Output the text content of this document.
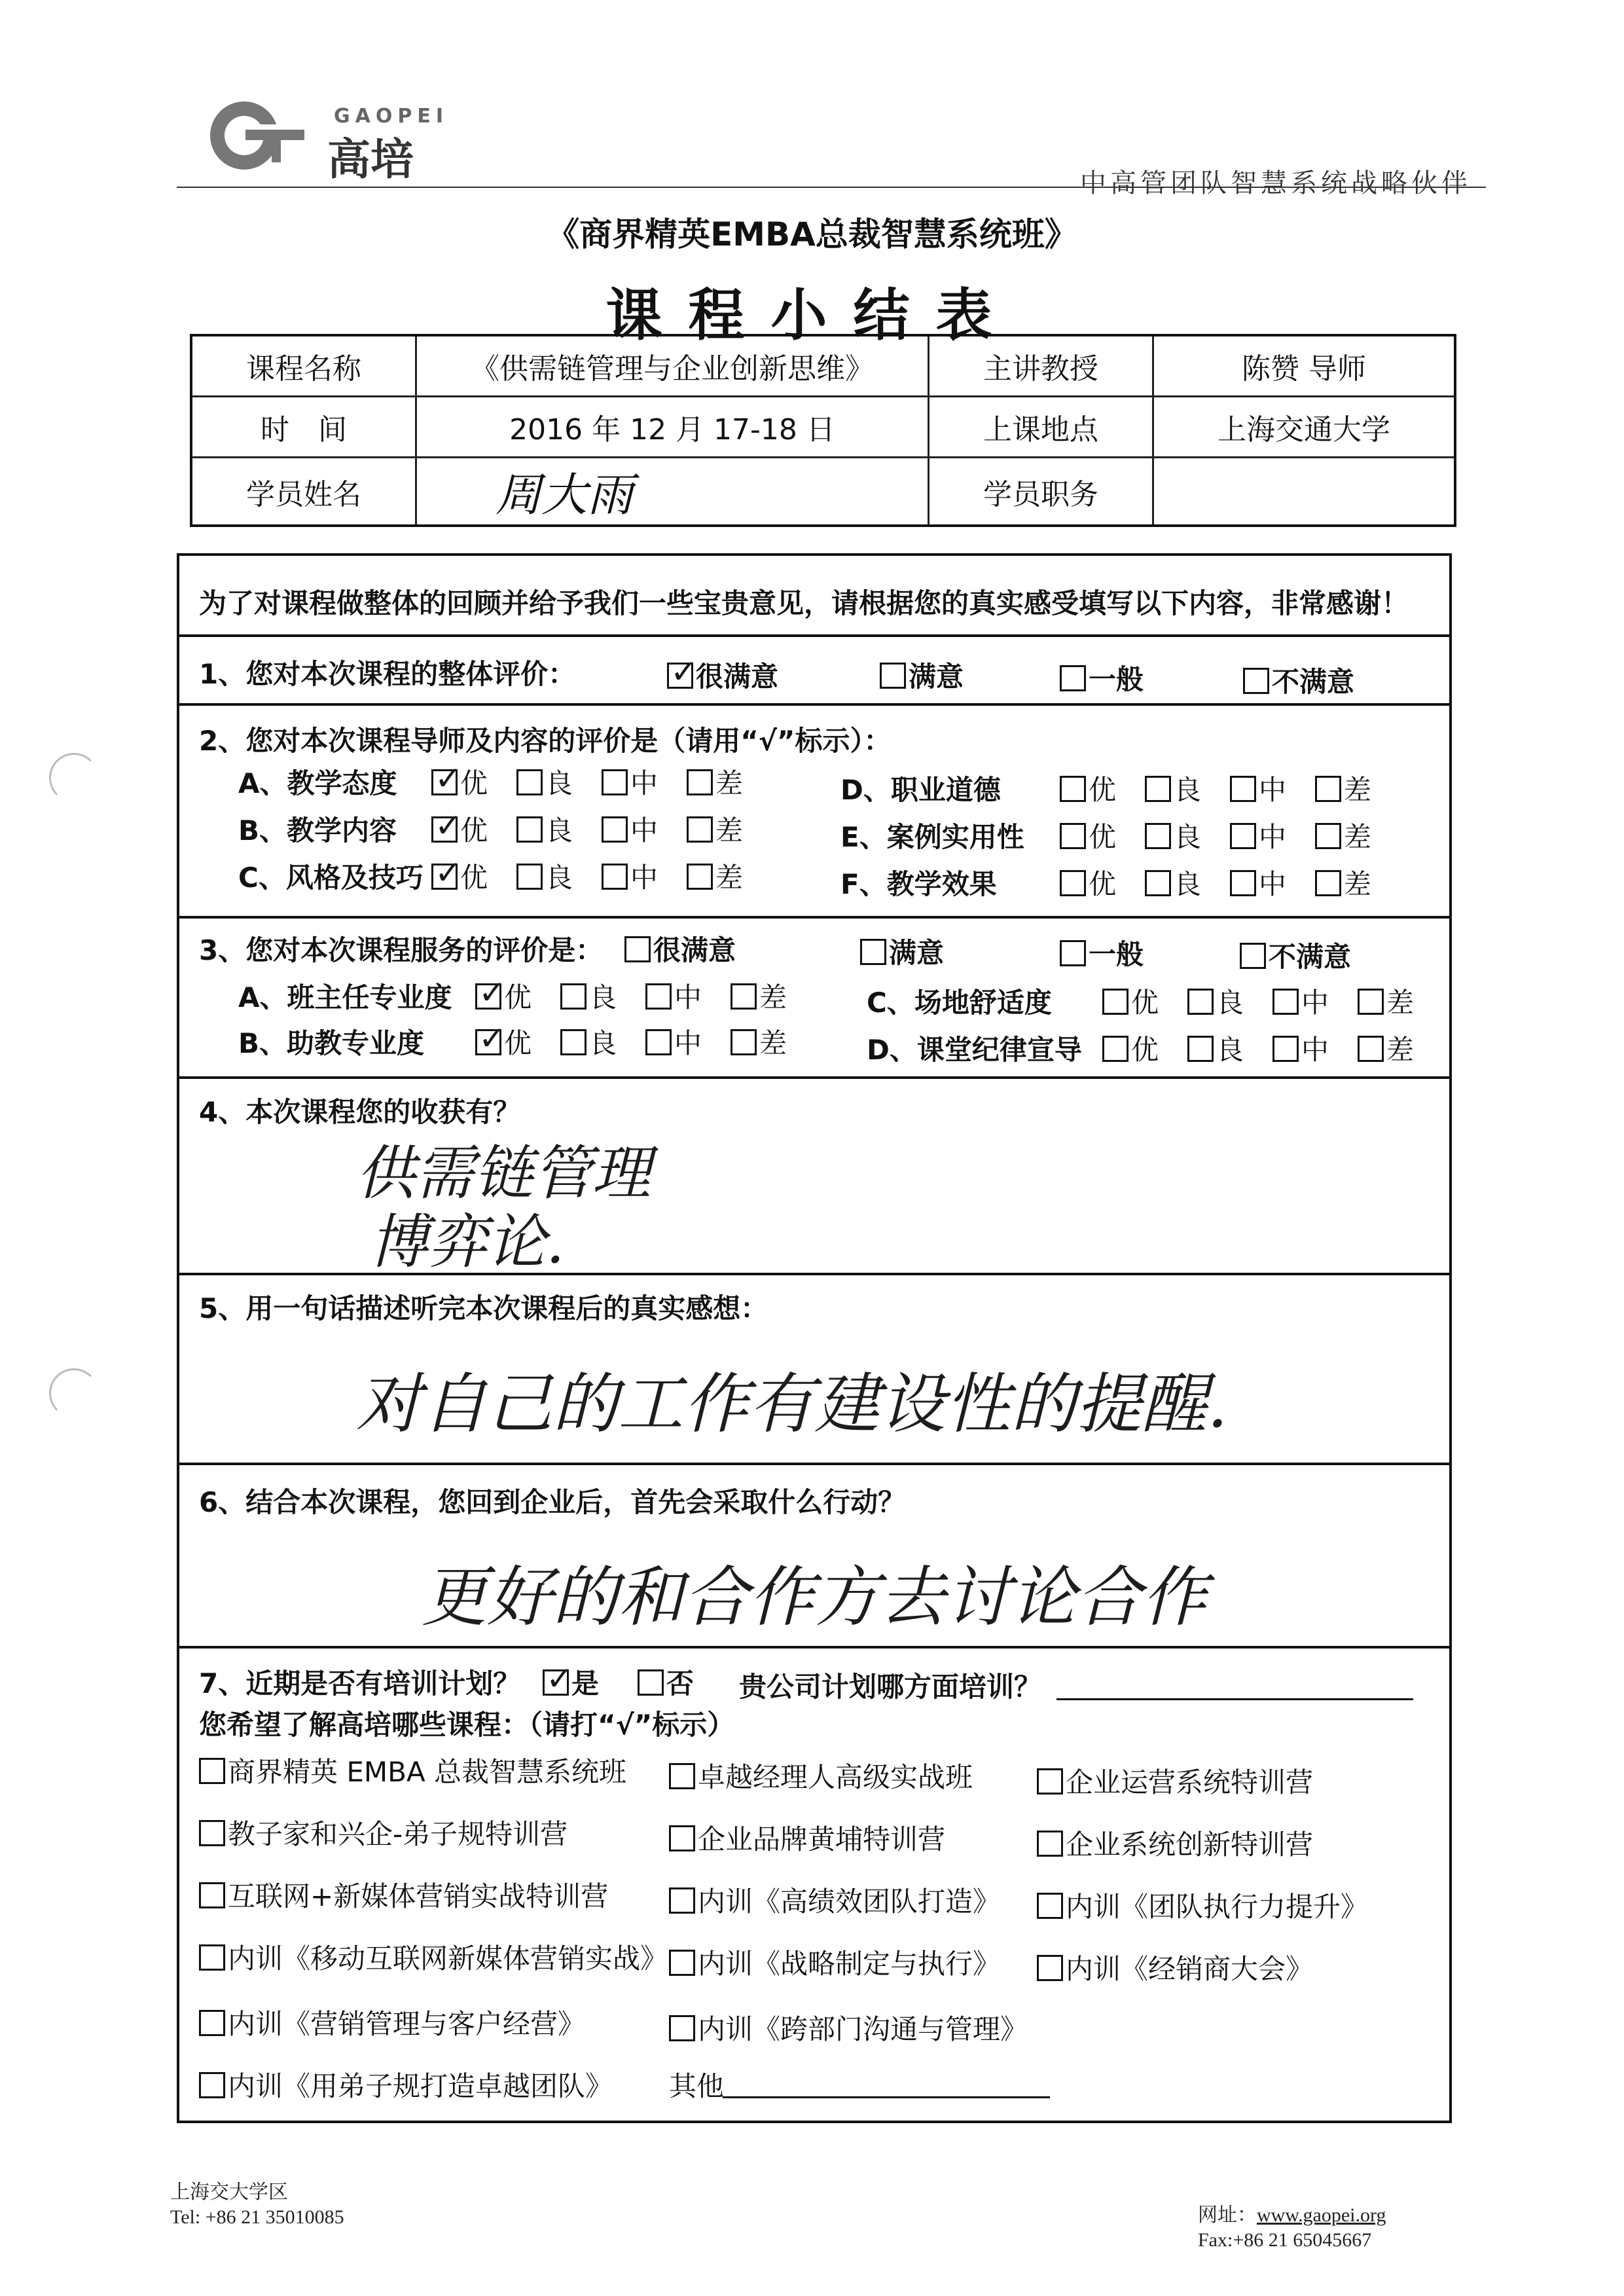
GAOPEI
高培	中高管团队智慧系统战略伙伴
《商界精英EMBA总裁智慧系统班》
课程小结表
课程名称	《供需链管理与企业创新思维》	主讲教授	陈赞 导师
时　间	2016 年 12 月 17-18 日	上课地点	上海交通大学
学员姓名	周大雨	学员职务	
为了对课程做整体的回顾并给予我们一些宝贵意见，请根据您的真实感受填写以下内容，非常感谢！
1、您对本次课程的整体评价： ✓	很满意	满意	一般	不满意
2、您对本次课程导师及内容的评价是（请用“√”标示）：
A、教学态度 ✓	优	良	中	差
B、教学内容 ✓	优	良	中	差
C、风格及技巧 ✓	优	良	中	差
D、职业道德	优	良	中	差
E、案例实用性	优	良	中	差
F、教学效果	优	良	中	差
3、您对本次课程服务的评价是：	很满意	满意	一般	不满意
A、班主任专业度 ✓	优	良	中	差
B、助教专业度 ✓	优	良	中	差
C、场地舒适度	优	良	中	差
D、课堂纪律宣导	优	良	中	差
4、本次课程您的收获有？
供需链管理
博弈论.
5、用一句话描述听完本次课程后的真实感想：
对自己的工作有建设性的提醒.
6、结合本次课程，您回到企业后，首先会采取什么行动？
更好的和合作方去讨论合作
7、近期是否有培训计划？ ✓	是	否 贵公司计划哪方面培训？
您希望了解高培哪些课程：（请打“√”标示）
商界精英 EMBA 总裁智慧系统班	卓越经理人高级实战班	企业运营系统特训营
教子家和兴企-弟子规特训营	企业品牌黄埔特训营	企业系统创新特训营
互联网+新媒体营销实战特训营	内训《高绩效团队打造》	内训《团队执行力提升》
内训《移动互联网新媒体营销实战》	内训《战略制定与执行》	内训《经销商大会》
内训《营销管理与客户经营》	内训《跨部门沟通与管理》
内训《用弟子规打造卓越团队》 其他
上海交大学区
Tel: +86 21 35010085	网址：www.gaopei.org
Fax:+86 21 65045667
